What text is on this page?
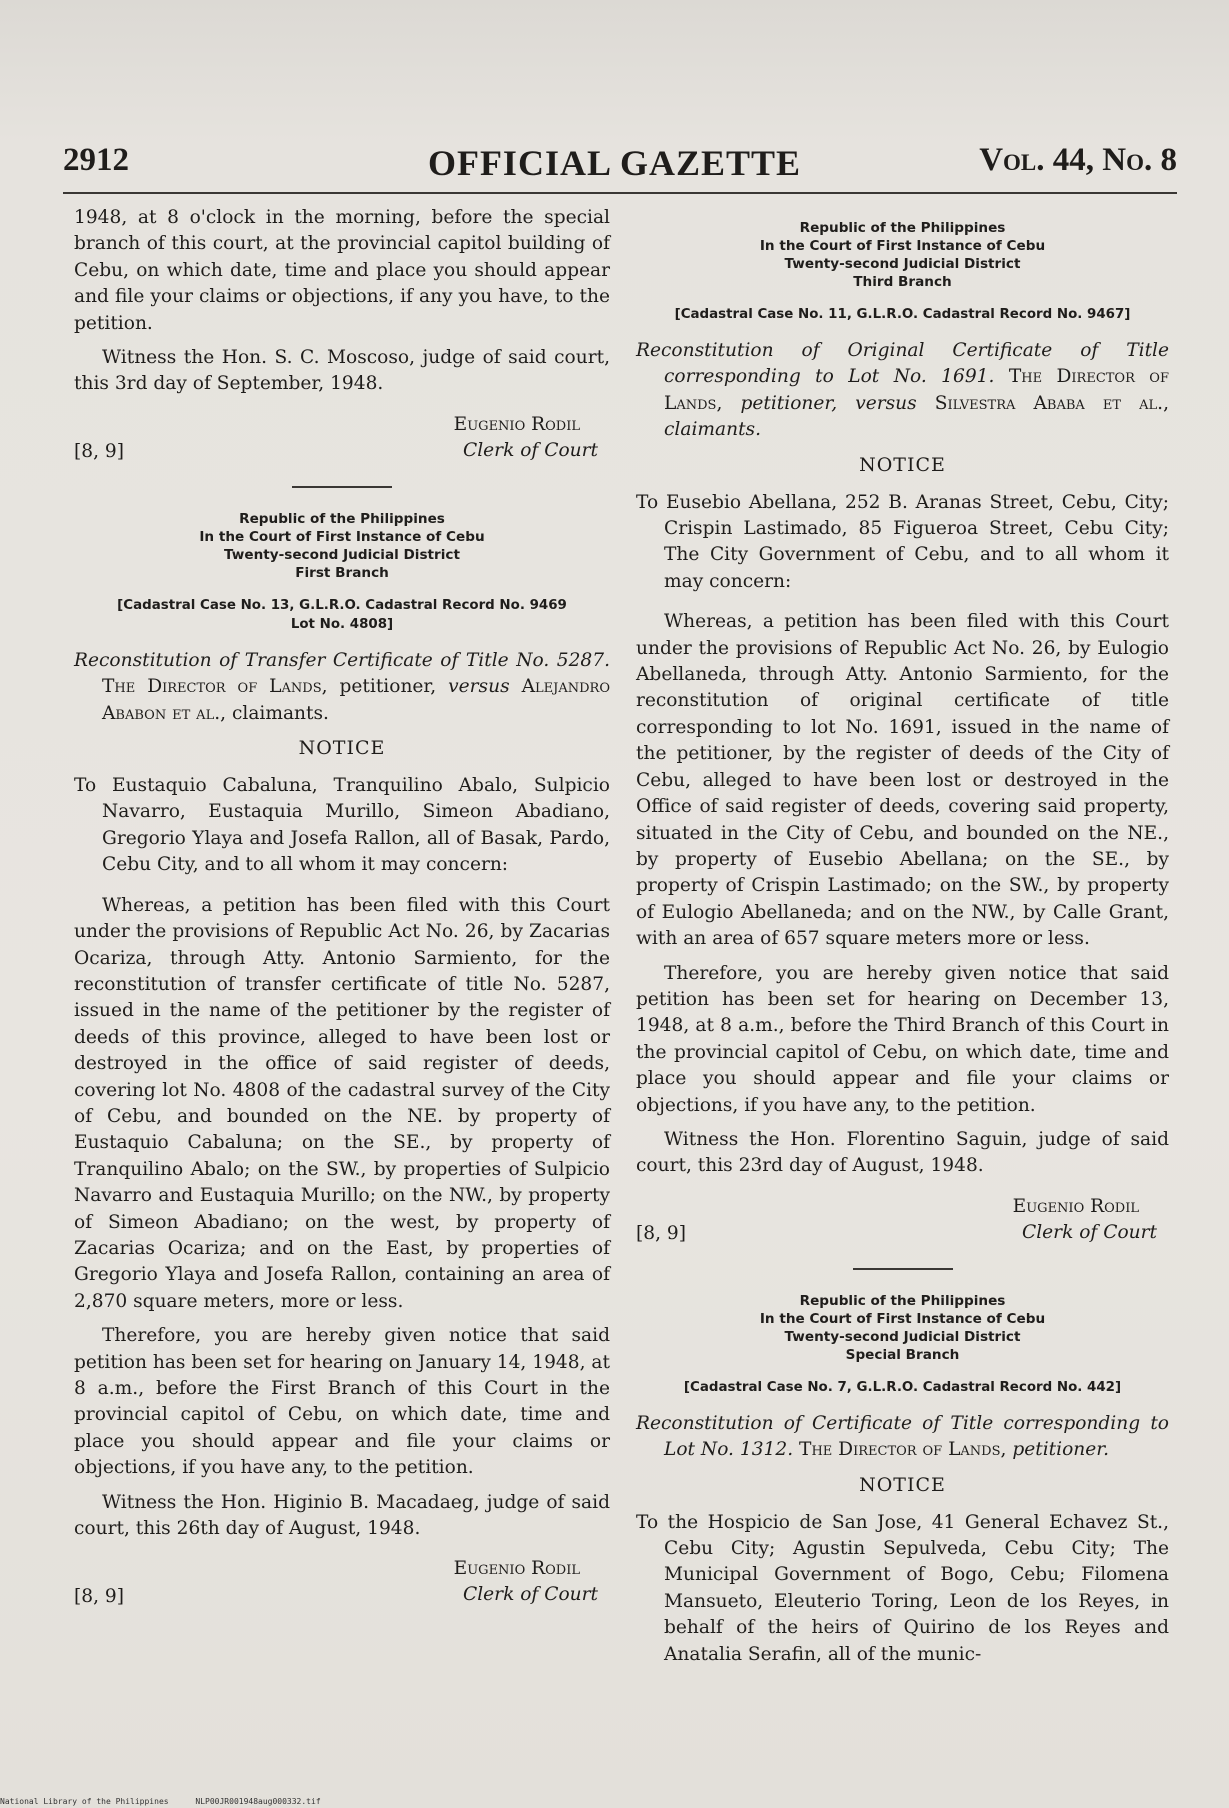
2912	OFFICIAL GAZETTE	Vol. 44, No. 8

1948, at 8 o'clock in the morning, before the special branch of this court, at the provincial capitol building of Cebu, on which date, time and place you should appear and file your claims or objections, if any you have, to the petition.

Witness the Hon. S. C. Moscoso, judge of said court, this 3rd day of September, 1948.

[8, 9]
Eugenio Rodil
Clerk of Court
Republic of the Philippines
In the Court of First Instance of Cebu
Twenty-second Judicial District
First Branch
[Cadastral Case No. 13, G.L.R.O. Cadastral Record No. 9469
Lot No. 4808]
Reconstitution of Transfer Certificate of Title No. 5287. The Director of Lands, petitioner, versus Alejandro Ababon et al., claimants.
NOTICE
To Eustaquio Cabaluna, Tranquilino Abalo, Sulpicio Navarro, Eustaquia Murillo, Simeon Abadiano, Gregorio Ylaya and Josefa Rallon, all of Basak, Pardo, Cebu City, and to all whom it may concern:

Whereas, a petition has been filed with this Court under the provisions of Republic Act No. 26, by Zacarias Ocariza, through Atty. Antonio Sarmiento, for the reconstitution of transfer certificate of title No. 5287, issued in the name of the petitioner by the register of deeds of this province, alleged to have been lost or destroyed in the office of said register of deeds, covering lot No. 4808 of the cadastral survey of the City of Cebu, and bounded on the NE. by property of Eustaquio Cabaluna; on the SE., by property of Tranquilino Abalo; on the SW., by properties of Sulpicio Navarro and Eustaquia Murillo; on the NW., by property of Simeon Abadiano; on the west, by property of Zacarias Ocariza; and on the East, by properties of Gregorio Ylaya and Josefa Rallon, containing an area of 2,870 square meters, more or less.

Therefore, you are hereby given notice that said petition has been set for hearing on January 14, 1948, at 8 a.m., before the First Branch of this Court in the provincial capitol of Cebu, on which date, time and place you should appear and file your claims or objections, if you have any, to the petition.

Witness the Hon. Higinio B. Macadaeg, judge of said court, this 26th day of August, 1948.

[8, 9]
Eugenio Rodil
Clerk of Court
Republic of the Philippines
In the Court of First Instance of Cebu
Twenty-second Judicial District
Third Branch
[Cadastral Case No. 11, G.L.R.O. Cadastral Record No. 9467]
Reconstitution of Original Certificate of Title corresponding to Lot No. 1691. The Director of Lands, petitioner, versus Silvestra Ababa et al., claimants.
NOTICE
To Eusebio Abellana, 252 B. Aranas Street, Cebu, City; Crispin Lastimado, 85 Figueroa Street, Cebu City; The City Government of Cebu, and to all whom it may concern:

Whereas, a petition has been filed with this Court under the provisions of Republic Act No. 26, by Eulogio Abellaneda, through Atty. Antonio Sarmiento, for the reconstitution of original certificate of title corresponding to lot No. 1691, issued in the name of the petitioner, by the register of deeds of the City of Cebu, alleged to have been lost or destroyed in the Office of said register of deeds, covering said property, situated in the City of Cebu, and bounded on the NE., by property of Eusebio Abellana; on the SE., by property of Crispin Lastimado; on the SW., by property of Eulogio Abellaneda; and on the NW., by Calle Grant, with an area of 657 square meters more or less.

Therefore, you are hereby given notice that said petition has been set for hearing on December 13, 1948, at 8 a.m., before the Third Branch of this Court in the provincial capitol of Cebu, on which date, time and place you should appear and file your claims or objections, if you have any, to the petition.

Witness the Hon. Florentino Saguin, judge of said court, this 23rd day of August, 1948.

[8, 9]
Eugenio Rodil
Clerk of Court
Republic of the Philippines
In the Court of First Instance of Cebu
Twenty-second Judicial District
Special Branch
[Cadastral Case No. 7, G.L.R.O. Cadastral Record No. 442]
Reconstitution of Certificate of Title corresponding to Lot No. 1312. The Director of Lands, petitioner.
NOTICE
To the Hospicio de San Jose, 41 General Echavez St., Cebu City; Agustin Sepulveda, Cebu City; The Municipal Government of Bogo, Cebu; Filomena Mansueto, Eleuterio Toring, Leon de los Reyes, in behalf of the heirs of Quirino de los Reyes and Anatalia Serafin, all of the munic-
National Library of the Philippines	NLP00JR001948aug000332.tif
